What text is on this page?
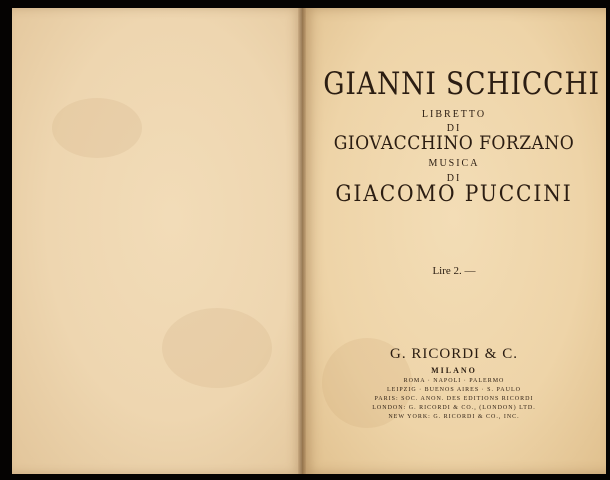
GIANNI SCHICCHI
LIBRETTO
DI
GIOVACCHINO FORZANO
MUSICA
DI
GIACOMO PUCCINI
Lire 2. —
G. RICORDI & C.
MILANO
ROMA · NAPOLI · PALERMO
LEIPZIG · BUENOS AIRES · S. PAULO
PARIS: SOC. ANON. DES EDITIONS RICORDI
LONDON: G. RICORDI & CO., (LONDON) LTD.
NEW YORK: G. RICORDI & CO., INC.
